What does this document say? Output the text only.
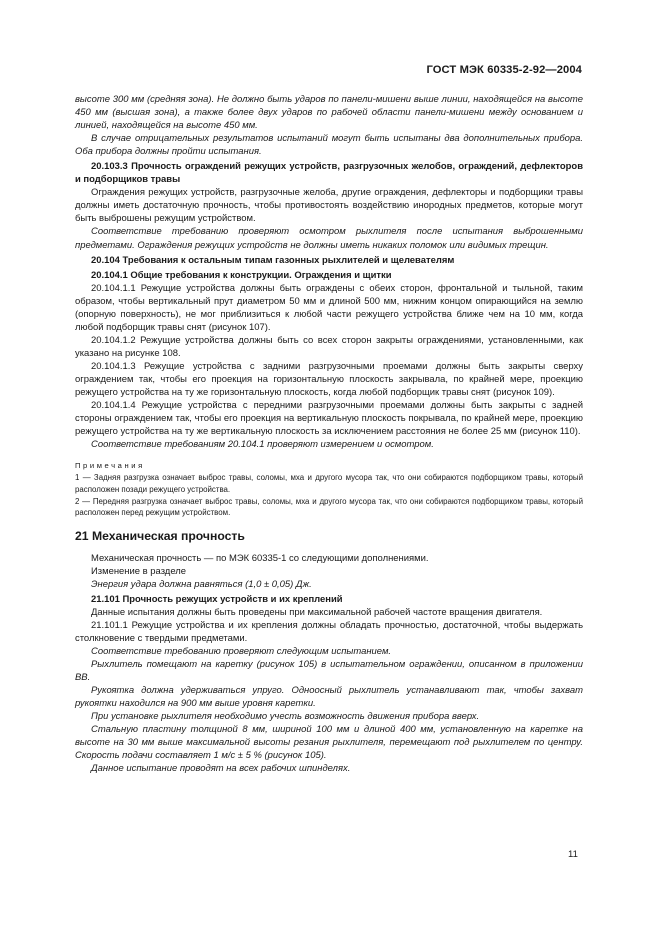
ГОСТ МЭК 60335-2-92—2004

высоте 300 мм (средняя зона). Не должно быть ударов по панели-мишени выше линии, находящейся на высоте 450 мм (высшая зона), а также более двух ударов по рабочей области панели-мишени между основанием и линией, находящейся на высоте 450 мм.

В случае отрицательных результатов испытаний могут быть испытаны два дополнительных прибора. Оба прибора должны пройти испытания.

20.103.3 Прочность ограждений режущих устройств, разгрузочных желобов, ограждений, дефлекторов и подборщиков травы

Ограждения режущих устройств, разгрузочные желоба, другие ограждения, дефлекторы и подборщики травы должны иметь достаточную прочность, чтобы противостоять воздействию инородных предметов, которые могут быть выброшены режущим устройством.

Соответствие требованию проверяют осмотром рыхлителя после испытания выброшенными предметами. Ограждения режущих устройств не должны иметь никаких поломок или видимых трещин.

20.104 Требования к остальным типам газонных рыхлителей и щелевателям

20.104.1 Общие требования к конструкции. Ограждения и щитки

20.104.1.1 Режущие устройства должны быть ограждены с обеих сторон, фронтальной и тыльной, таким образом, чтобы вертикальный прут диаметром 50 мм и длиной 500 мм, нижним концом опирающийся на землю (опорную поверхность), не мог приблизиться к любой части режущего устройства ближе чем на 10 мм, когда любой подборщик травы снят (рисунок 107).

20.104.1.2 Режущие устройства должны быть со всех сторон закрыты ограждениями, установленными, как указано на рисунке 108.

20.104.1.3 Режущие устройства с задними разгрузочными проемами должны быть закрыты сверху ограждением так, чтобы его проекция на горизонтальную плоскость закрывала, по крайней мере, проекцию режущего устройства на ту же горизонтальную плоскость, когда любой подборщик травы снят (рисунок 109).

20.104.1.4 Режущие устройства с передними разгрузочными проемами должны быть закрыты с задней стороны ограждением так, чтобы его проекция на вертикальную плоскость покрывала, по крайней мере, проекцию режущего устройства на ту же вертикальную плоскость за исключением расстояния не более 25 мм (рисунок 110).

Соответствие требованиям 20.104.1 проверяют измерением и осмотром.

Примечания

1 — Задняя разгрузка означает выброс травы, соломы, мха и другого мусора так, что они собираются подборщиком травы, который расположен позади режущего устройства.

2 — Передняя разгрузка означает выброс травы, соломы, мха и другого мусора так, что они собираются подборщиком травы, который расположен перед режущим устройством.

21 Механическая прочность

Механическая прочность — по МЭК 60335-1 со следующими дополнениями.

Изменение в разделе

Энергия удара должна равняться (1,0 ± 0,05) Дж.

21.101 Прочность режущих устройств и их креплений

Данные испытания должны быть проведены при максимальной рабочей частоте вращения двигателя.

21.101.1 Режущие устройства и их крепления должны обладать прочностью, достаточной, чтобы выдержать столкновение с твердыми предметами.

Соответствие требованию проверяют следующим испытанием.

Рыхлитель помещают на каретку (рисунок 105) в испытательном ограждении, описанном в приложении ВВ.

Рукоятка должна удерживаться упруго. Одноосный рыхлитель устанавливают так, чтобы захват рукоятки находился на 900 мм выше уровня каретки.

При установке рыхлителя необходимо учесть возможность движения прибора вверх.

Стальную пластину толщиной 8 мм, шириной 100 мм и длиной 400 мм, установленную на каретке на высоте на 30 мм выше максимальной высоты резания рыхлителя, перемещают под рыхлителем по центру. Скорость подачи составляет 1 м/с ± 5 % (рисунок 105).

Данное испытание проводят на всех рабочих шпинделях.

11
